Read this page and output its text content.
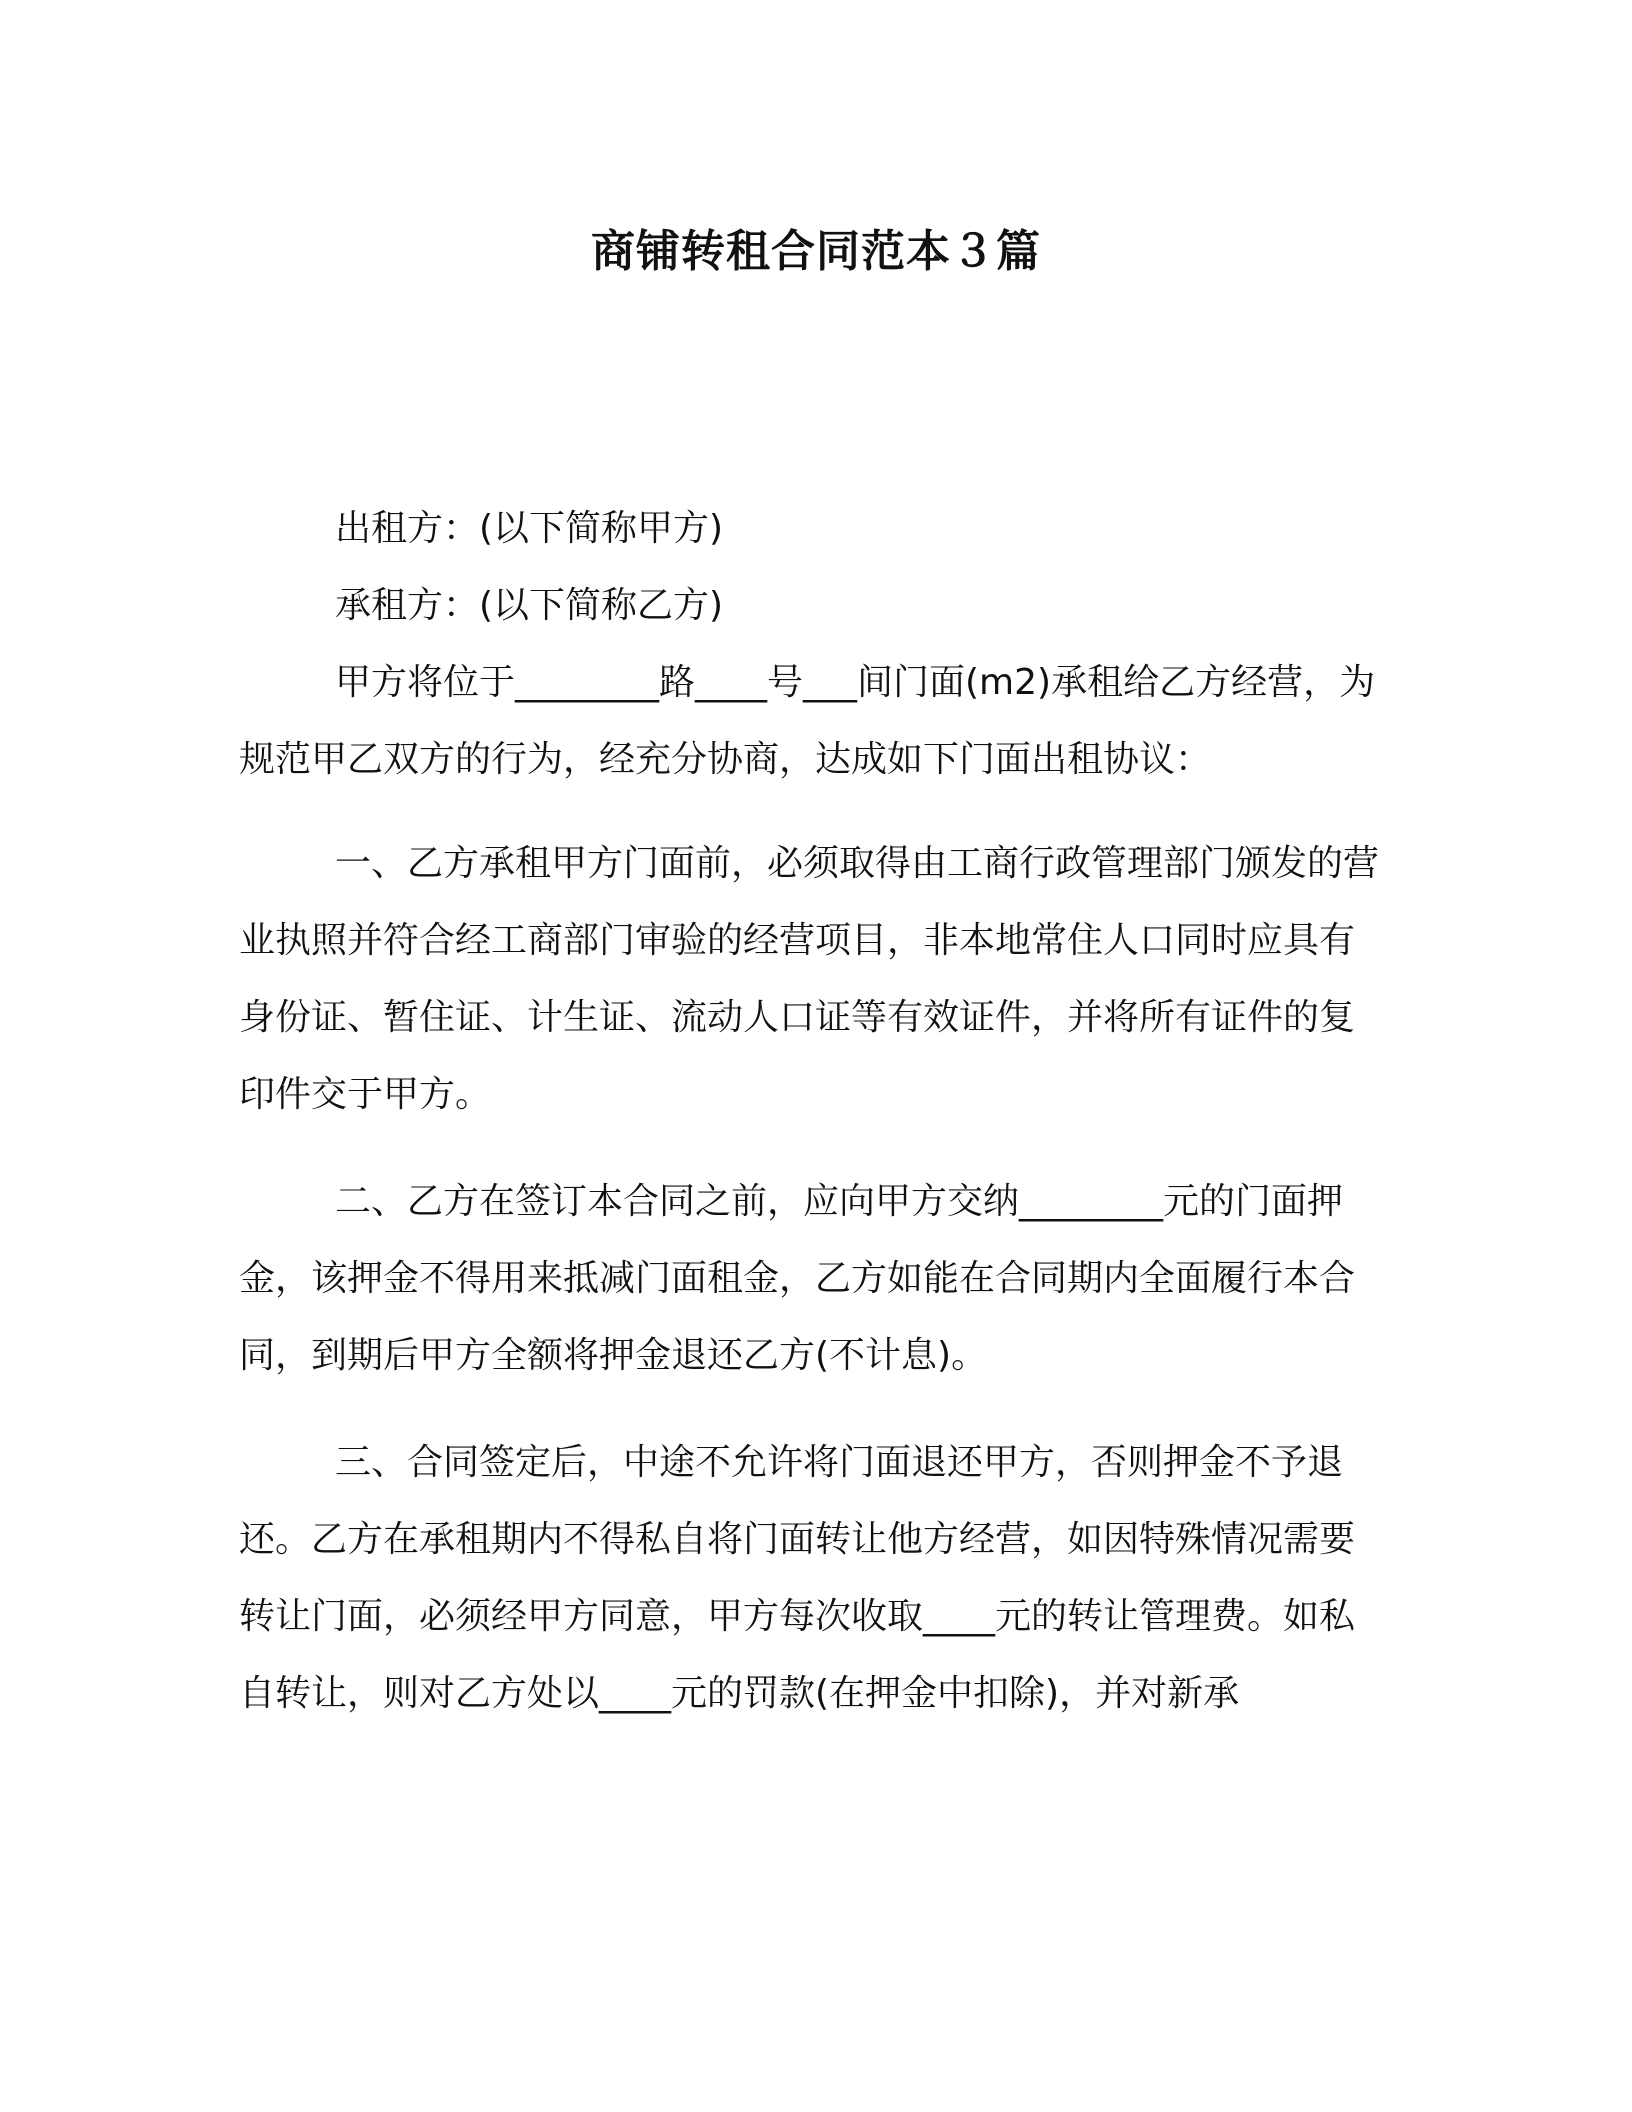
商铺转租合同范本３篇

出租方：(以下简称甲方)

承租方：(以下简称乙方)

甲方将位于________路____号___间门面(m2)承租给乙方经营，为规范甲乙双方的行为，经充分协商，达成如下门面出租协议：

一、乙方承租甲方门面前，必须取得由工商行政管理部门颁发的营业执照并符合经工商部门审验的经营项目，非本地常住人口同时应具有身份证、暂住证、计生证、流动人口证等有效证件，并将所有证件的复印件交于甲方。

二、乙方在签订本合同之前，应向甲方交纳________元的门面押金，该押金不得用来抵减门面租金，乙方如能在合同期内全面履行本合同，到期后甲方全额将押金退还乙方(不计息)。

三、合同签定后，中途不允许将门面退还甲方，否则押金不予退还。乙方在承租期内不得私自将门面转让他方经营，如因特殊情况需要转让门面，必须经甲方同意，甲方每次收取____元的转让管理费。如私自转让，则对乙方处以____元的罚款(在押金中扣除)，并对新承
